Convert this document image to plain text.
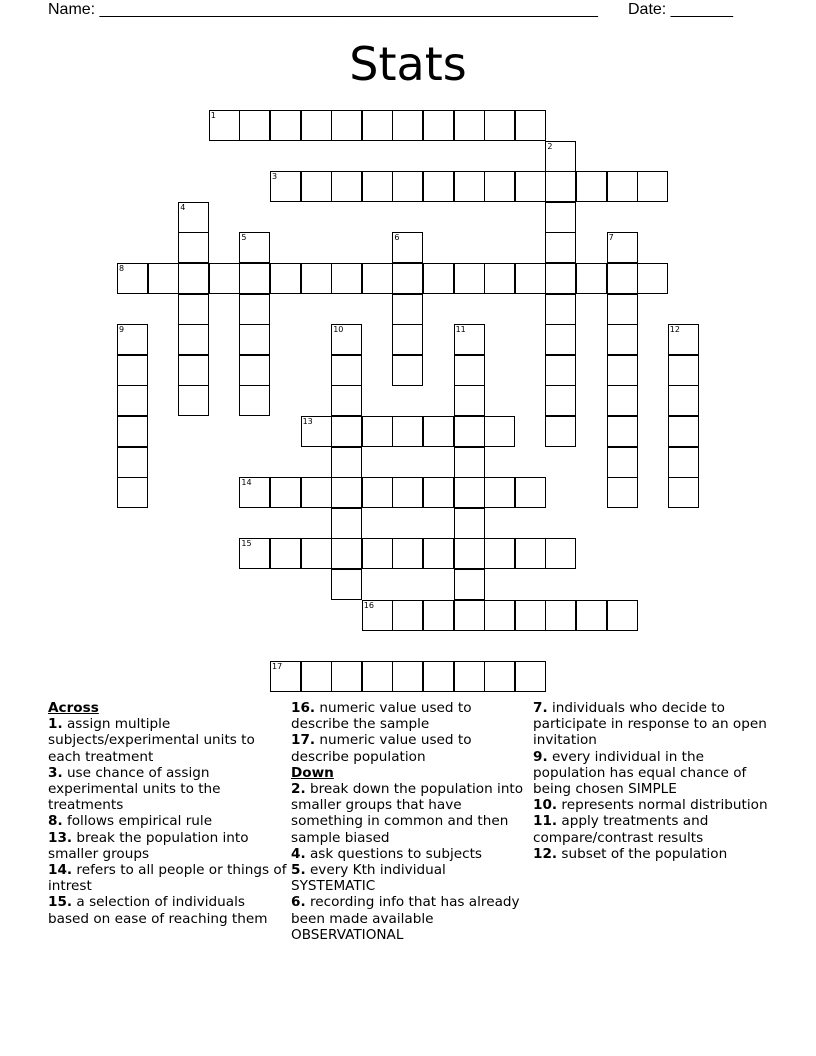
Name: ________________________________________________________ Date: _______
Stats
1
3
8
13
14
15
16
17
2
4
5	6	7
9	10	11	12
Across

1. assign multiple subjects/experimental units to each treatment

3. use chance of assign experimental units to the treatments

8. follows empirical rule

13. break the population into smaller groups

14. refers to all people or things of intrest

15. a selection of individuals based on ease of reaching them

16. numeric value used to describe the sample

17. numeric value used to describe population

Down

2. break down the population into smaller groups that have something in common and then sample biased

4. ask questions to subjects

5. every Kth individual SYSTEMATIC

6. recording info that has already been made available OBSERVATIONAL

7. individuals who decide to participate in response to an open invitation

9. every individual in the population has equal chance of being chosen SIMPLE

10. represents normal distribution

11. apply treatments and compare/contrast results

12. subset of the population
